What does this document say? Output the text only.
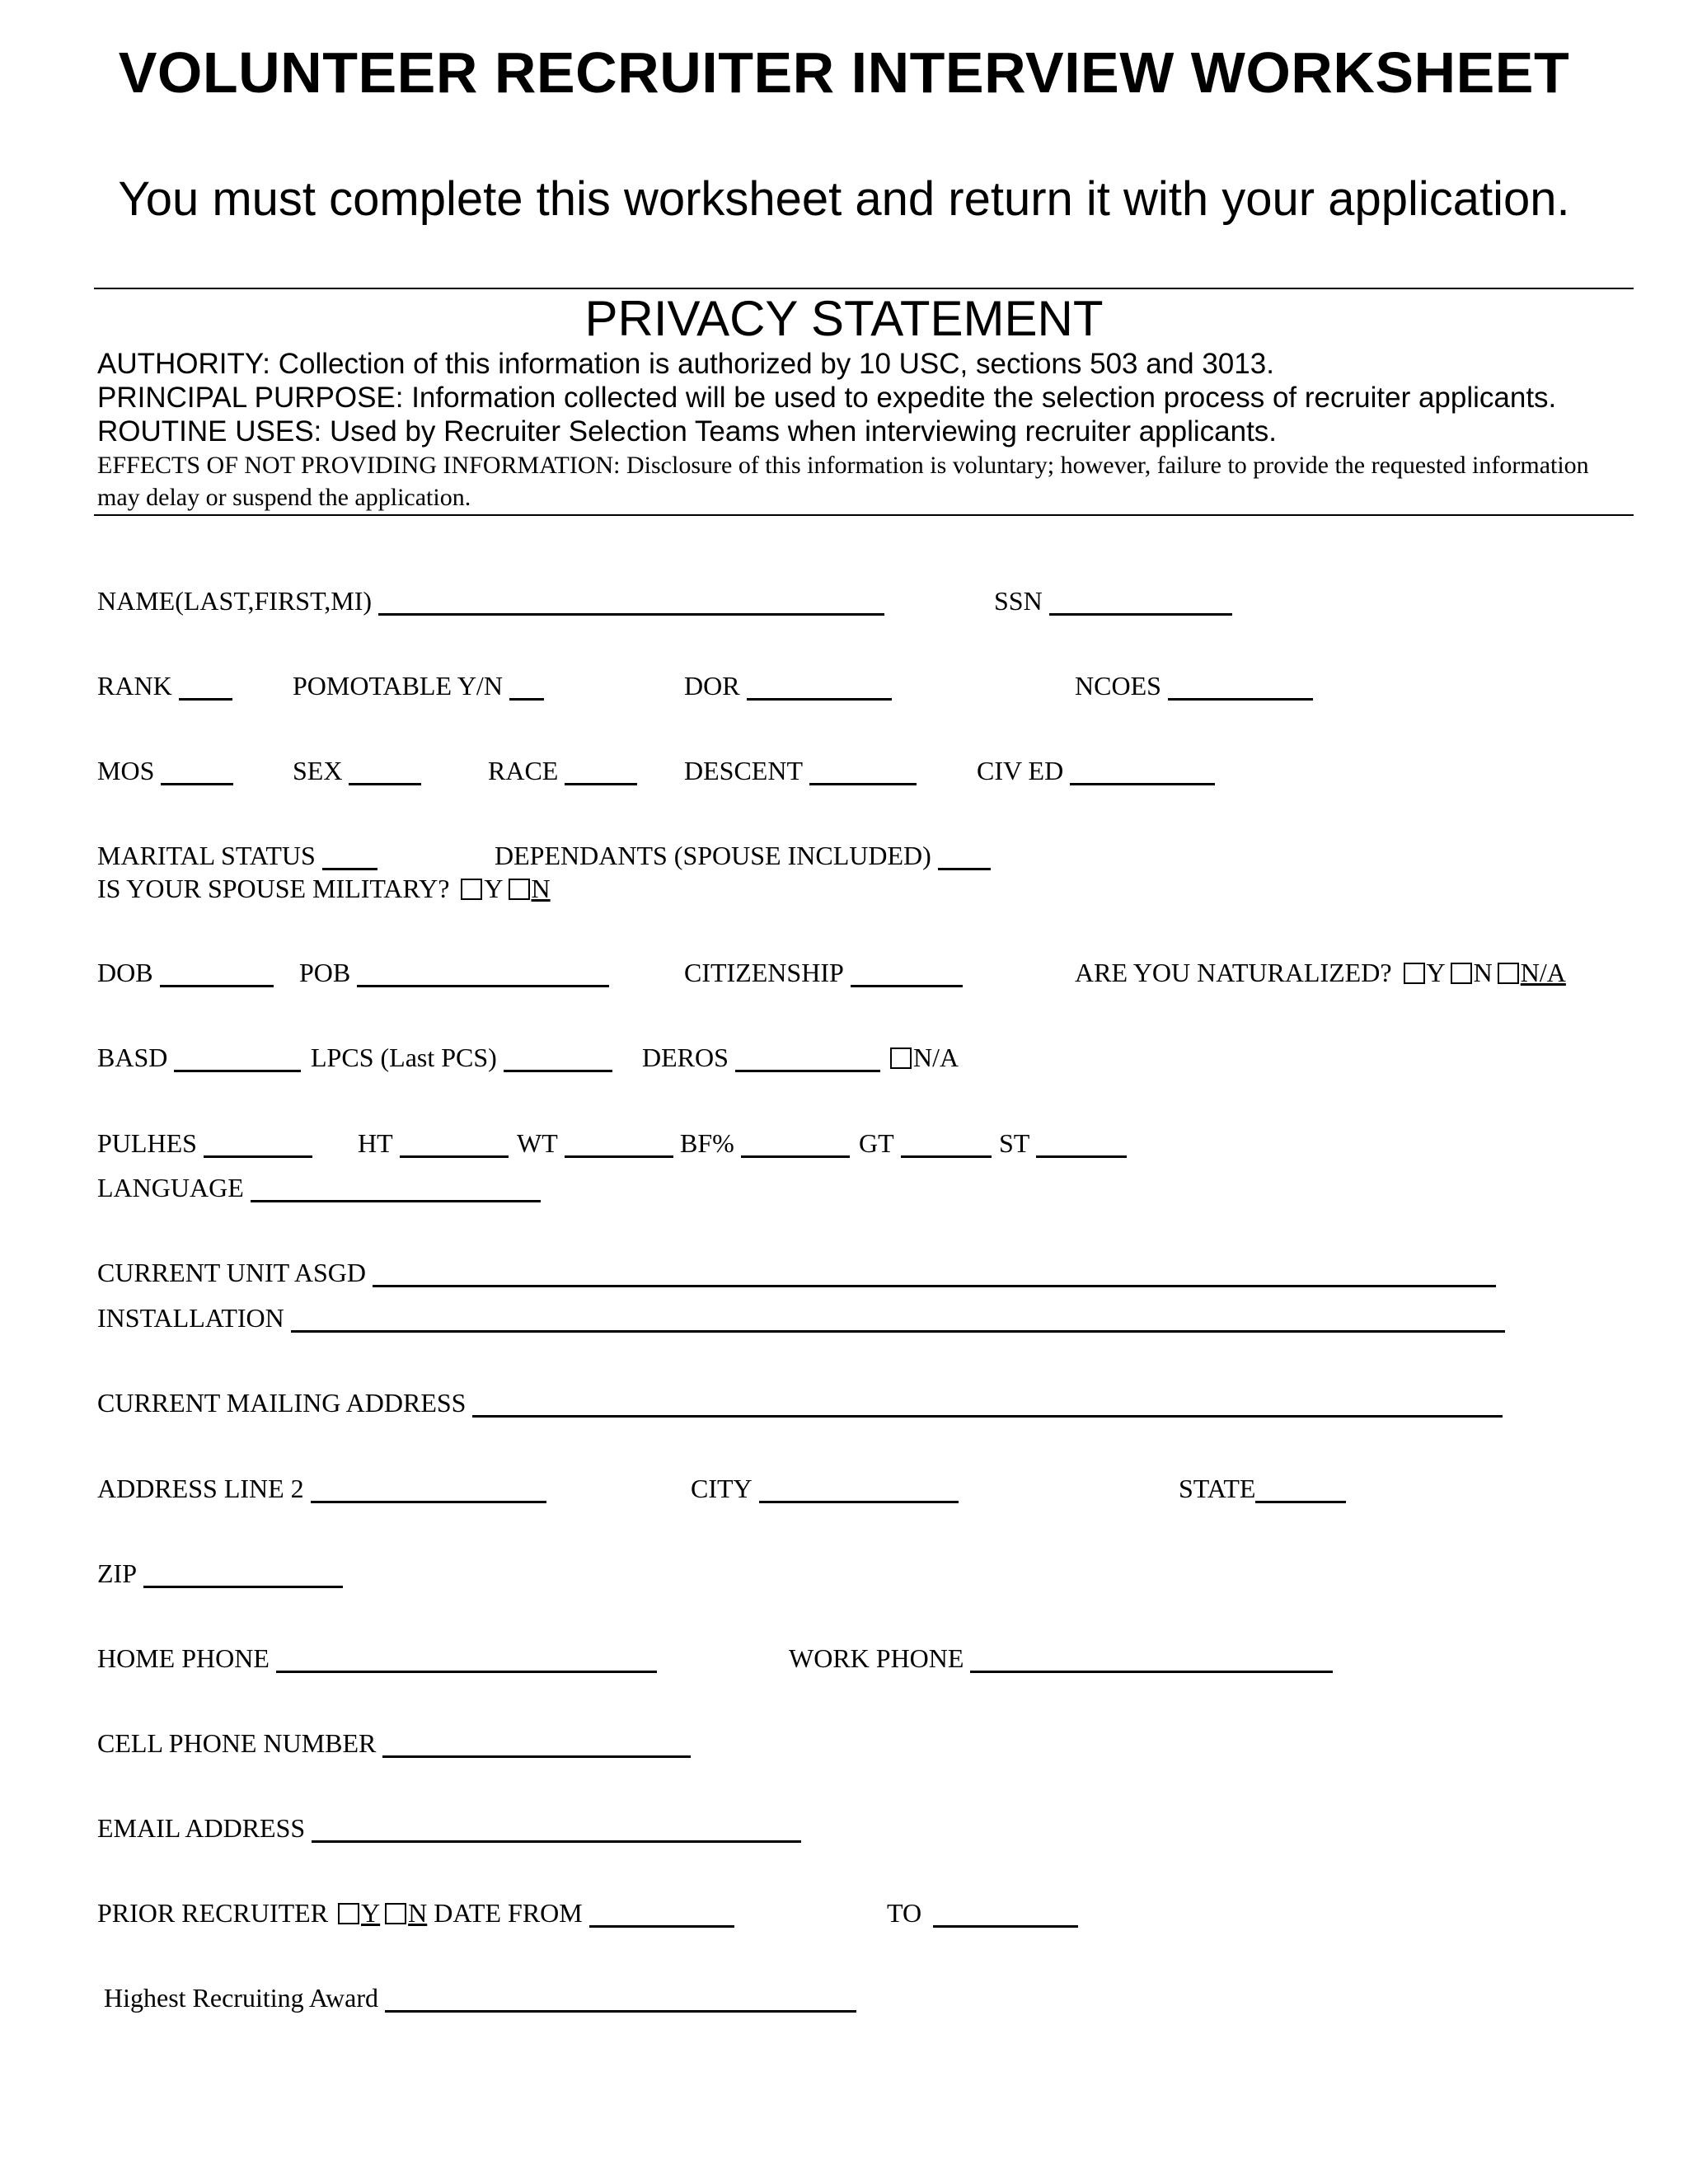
VOLUNTEER RECRUITER INTERVIEW WORKSHEET
You must complete this worksheet and return it with your application.
PRIVACY STATEMENT
AUTHORITY: Collection of this information is authorized by 10 USC, sections 503 and 3013.
PRINCIPAL PURPOSE: Information collected will be used to expedite the selection process of recruiter applicants.
ROUTINE USES: Used by Recruiter Selection Teams when interviewing recruiter applicants.
EFFECTS OF NOT PROVIDING INFORMATION: Disclosure of this information is voluntary; however, failure to provide the requested information may delay or suspend the application.
NAME(LAST,FIRST,MI)	SSN
RANK	POMOTABLE Y/N	DOR	NCOES
MOS	SEX	RACE	DESCENT	CIV ED
MARITAL STATUS	DEPENDANTS (SPOUSE INCLUDED)
IS YOUR SPOUSE MILITARY? Y N
DOB	POB	CITIZENSHIP	ARE YOU NATURALIZED? Y N N/A
BASD	LPCS (Last PCS)	DEROS	N/A
PULHES	HT	WT	BF%	GT	ST
LANGUAGE
CURRENT UNIT ASGD
INSTALLATION
CURRENT MAILING ADDRESS
ADDRESS LINE 2	CITY	STATE
ZIP
HOME PHONE	WORK PHONE
CELL PHONE NUMBER
EMAIL ADDRESS
PRIOR RECRUITER Y N DATE FROM	TO
Highest Recruiting Award
